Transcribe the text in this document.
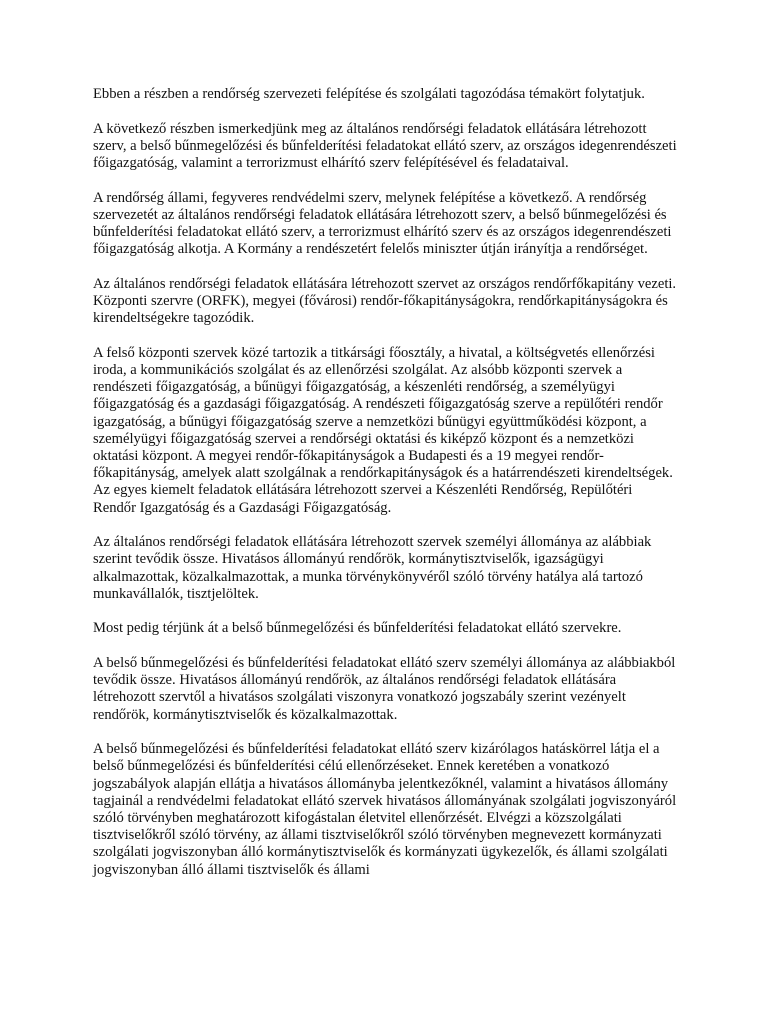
Ebben a részben a rendőrség szervezeti felépítése és szolgálati tagozódása témakört folytatjuk.

A következő részben ismerkedjünk meg az általános rendőrségi feladatok ellátására létrehozott szerv, a belső bűnmegelőzési és bűnfelderítési feladatokat ellátó szerv, az országos idegenrendészeti főigazgatóság, valamint a terrorizmust elhárító szerv felépítésével és feladataival.

A rendőrség állami, fegyveres rendvédelmi szerv, melynek felépítése a következő. A rendőrség szervezetét az általános rendőrségi feladatok ellátására létrehozott szerv, a belső bűnmegelőzési és bűnfelderítési feladatokat ellátó szerv, a terrorizmust elhárító szerv és az országos idegenrendészeti főigazgatóság alkotja. A Kormány a rendészetért felelős miniszter útján irányítja a rendőrséget.

Az általános rendőrségi feladatok ellátására létrehozott szervet az országos rendőrfőkapitány vezeti. Központi szervre (ORFK), megyei (fővárosi) rendőr-főkapitányságokra, rendőrkapitányságokra és kirendeltségekre tagozódik.

A felső központi szervek közé tartozik a titkársági főosztály, a hivatal, a költségvetés ellenőrzési iroda, a kommunikációs szolgálat és az ellenőrzési szolgálat. Az alsóbb központi szervek a rendészeti főigazgatóság, a bűnügyi főigazgatóság, a készenléti rendőrség, a személyügyi főigazgatóság és a gazdasági főigazgatóság. A rendészeti főigazgatóság szerve a repülőtéri rendőr igazgatóság, a bűnügyi főigazgatóság szerve a nemzetközi bűnügyi együttműködési központ, a személyügyi főigazgatóság szervei a rendőrségi oktatási és kiképző központ és a nemzetközi oktatási központ. A megyei rendőr-főkapitányságok a Budapesti és a 19 megyei rendőr-főkapitányság, amelyek alatt szolgálnak a rendőrkapitányságok és a határrendészeti kirendeltségek. Az egyes kiemelt feladatok ellátására létrehozott szervei a Készenléti Rendőrség, Repülőtéri Rendőr Igazgatóság és a Gazdasági Főigazgatóság.

Az általános rendőrségi feladatok ellátására létrehozott szervek személyi állománya az alábbiak szerint tevődik össze. Hivatásos állományú rendőrök, kormánytisztviselők, igazságügyi alkalmazottak, közalkalmazottak, a munka törvénykönyvéről szóló törvény hatálya alá tartozó munkavállalók, tisztjelöltek.

Most pedig térjünk át a belső bűnmegelőzési és bűnfelderítési feladatokat ellátó szervekre.

A belső bűnmegelőzési és bűnfelderítési feladatokat ellátó szerv személyi állománya az alábbiakból tevődik össze. Hivatásos állományú rendőrök, az általános rendőrségi feladatok ellátására létrehozott szervtől a hivatásos szolgálati viszonyra vonatkozó jogszabály szerint vezényelt rendőrök, kormánytisztviselők és közalkalmazottak.

A belső bűnmegelőzési és bűnfelderítési feladatokat ellátó szerv kizárólagos hatáskörrel látja el a belső bűnmegelőzési és bűnfelderítési célú ellenőrzéseket. Ennek keretében a vonatkozó jogszabályok alapján ellátja a hivatásos állományba jelentkezőknél, valamint a hivatásos állomány tagjainál a rendvédelmi feladatokat ellátó szervek hivatásos állományának szolgálati jogviszonyáról szóló törvényben meghatározott kifogástalan életvitel ellenőrzését. Elvégzi a közszolgálati tisztviselőkről szóló törvény, az állami tisztviselőkről szóló törvényben megnevezett kormányzati szolgálati jogviszonyban álló kormánytisztviselők és kormányzati ügykezelők, és állami szolgálati jogviszonyban álló állami tisztviselők és állami
